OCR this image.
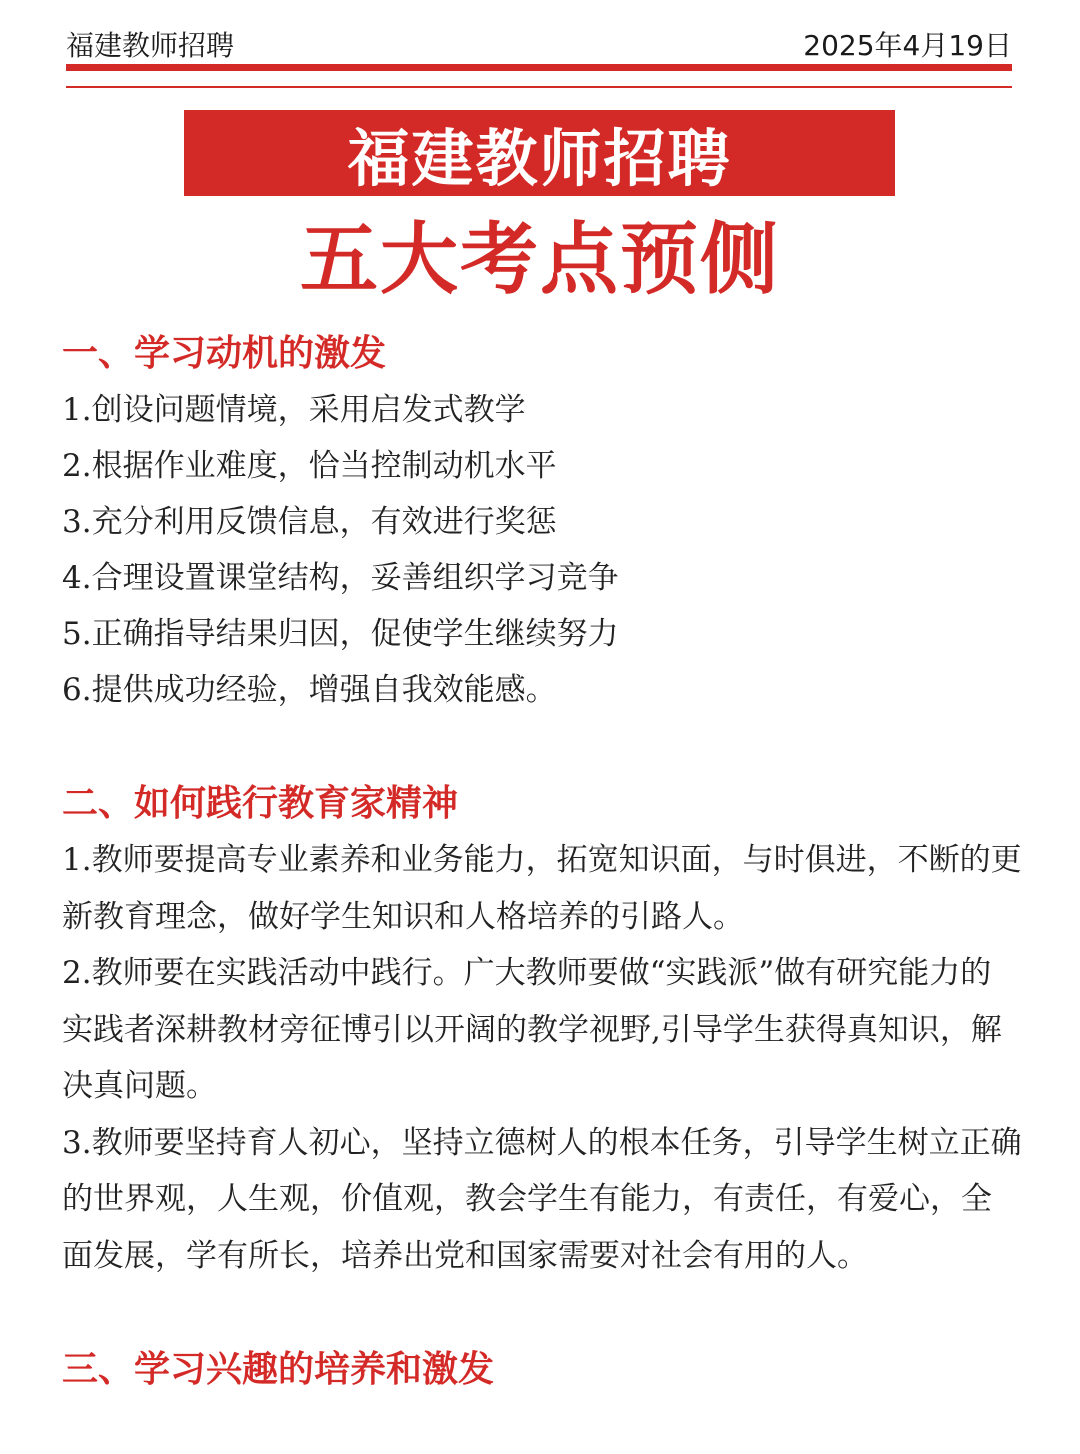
福建教师招聘	2025年4月19日
福建教师招聘
五大考点预侧

一、学习动机的激发

1.创设问题情境，采用启发式教学

2.根据作业难度，恰当控制动机水平

3.充分利用反馈信息，有效进行奖惩

4.合理设置课堂结构，妥善组织学习竞争

5.正确指导结果归因，促使学生继续努力

6.提供成功经验，增强自我效能感。

二、如何践行教育家精神

1.教师要提高专业素养和业务能力，拓宽知识面，与时俱进，不断的更新教育理念，做好学生知识和人格培养的引路人。

2.教师要在实践活动中践行。广大教师要做“实践派”做有研究能力的实践者深耕教材旁征博引以开阔的教学视野,引导学生获得真知识，解决真问题。

3.教师要坚持育人初心，坚持立德树人的根本任务，引导学生树立正确的世界观，人生观，价值观，教会学生有能力，有责任，有爱心，全面发展，学有所长，培养出党和国家需要对社会有用的人。

三、学习兴趣的培养和激发
